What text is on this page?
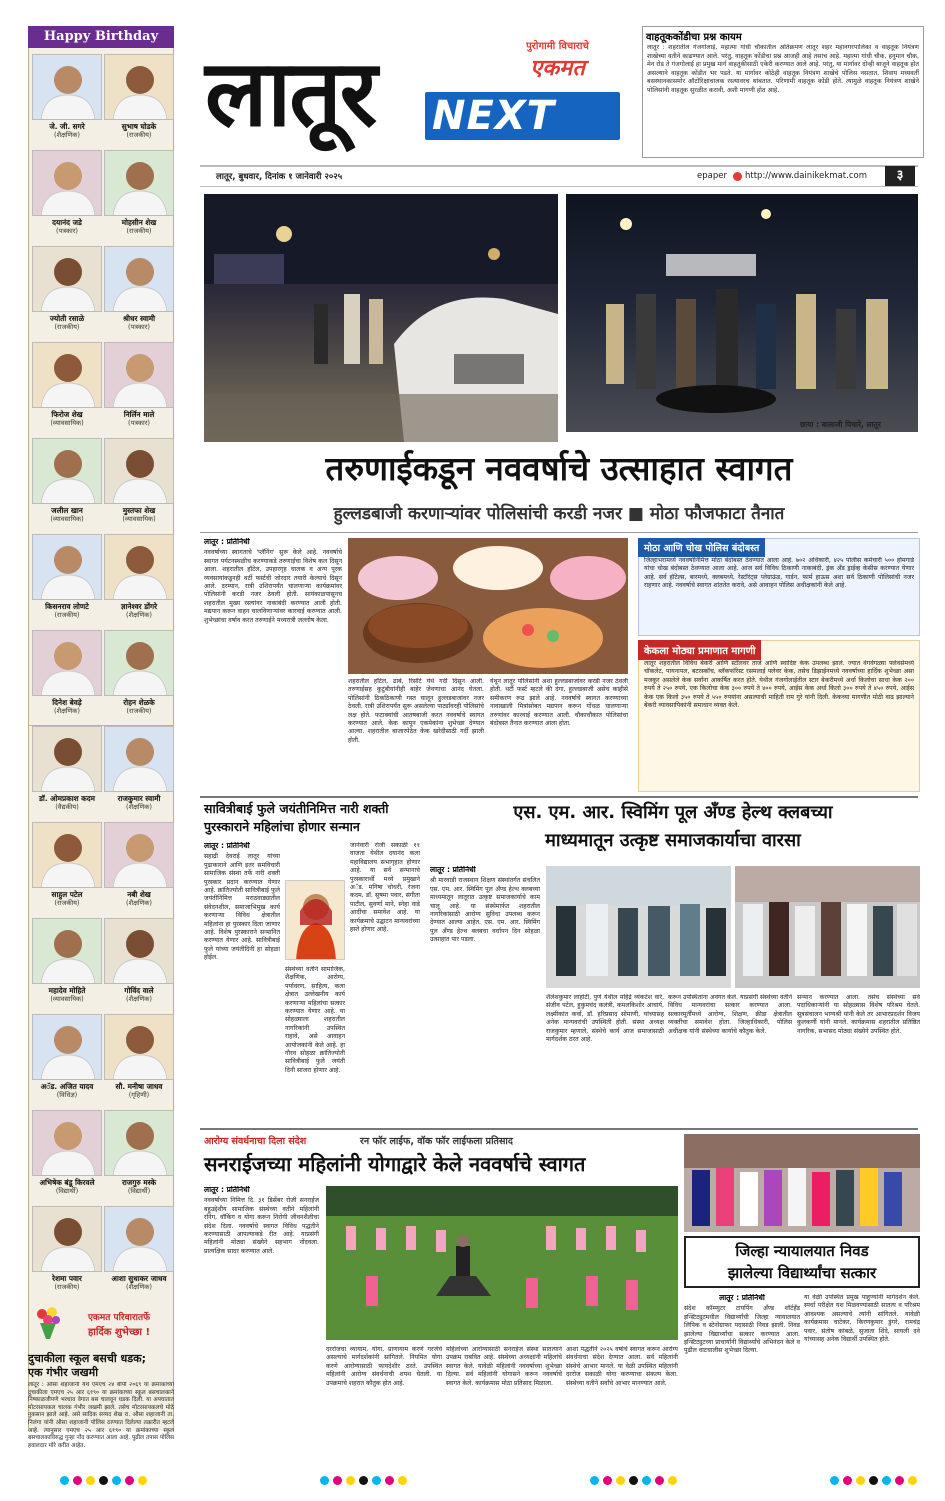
Happy Birthday
जे. जी. सगरे
(शैक्षणिक)
सुभाष घोडके
(राजकीय)
दयानंद जडे
(पत्रकार)
मोहसीन शेख
(राजकीय)
ज्योती रसाळे
(राजकीय)
श्रीधर स्वामी
(पत्रकार)
फिरोज शेख
(व्यावसायिक)
निर्लिन माले
(पत्रकार)
जलील खान
(व्यावसायिक)
मुस्तफा शेख
(व्यावसायिक)
किसनराव लोणटे
(राजकीय)
ज्ञानेश्वर डोंगरे
(शैक्षणिक)
दिनेश बेवड़े
(शैक्षणिक)
रोहन शेळके
(राजकीय)
डॉ. ओमप्रकाश कदम
(वैद्यकीय)
राजकुमार स्वामी
(शैक्षणिक)
साहुल पटेल
(राजकीय)
नबी शेख
(शैक्षणिक)
महादेव मोहिते
(व्यावसायिक)
गोविंद वाले
(शैक्षणिक)
अॅड. अजित यादव
(विधिज्ञ)
सौ. मनीषा जाधव
(गृहिणी)
अभिषेक बंडू किरवले
(विद्यार्थी)
राजगुरु मस्के
(विद्यार्थी)
रेशमा पवार
(राजकीय)
आशा सुधाकर जाधव
(शैक्षणिक)
एकमत परिवारातर्फे
हार्दिक शुभेच्छा !
दुचाकीला स्कूल बसची धडक;
एक गंभीर जखमी
लातूर : औसा शहाजानी येथे एमएच २४ बीपी २०६९ या क्रमांकाच्या दुचाकीला एमएच २५ आर ६१९० या क्रमांकाच्या स्कूल बसचालकाने निष्काळजीपणे भरधाव वेगात बस चालवून धडक दिली. या अपघातात मोटरसायकल चालक गंभीर जखमी झाले. तसेच मोटरसायकलचे मोठे नुकसान झाले आहे. असे सादिक सय्यद शेख रा. औसा शहाजानी ता. निलंगा यांनी औसा शहाजानी पोलिस ठाण्यात दिलेल्या तक्रारीत म्हटले आहे. त्यानुसार एमएच २५ आर ६१९० या क्रमांकाच्या स्कूल बसचालकाविरुद्ध गुन्हा नोंद करण्यात आला आहे. पुढील तपास पोलिस हवालदार मोरे करीत आहेत.
लातूर	पुरोगामी विचाराचे
एकमत
NEXT
लातूर, बुधवार, दिनांक १ जानेवारी २०२५	epaper http://www.dainikekmat.com	३
वाहतूककोंडीचा प्रश्न कायम
लातूर : शहरातील गंजगोलाई, महात्मा गांधी चौकातील अतिक्रमण लातूर शहर महानगरपालिका व वाहतूक नियंत्रण शाखेच्या वतीने काढण्यात आले. परंतु, वाहतूक कोंडीचा प्रश्न आजही आहे तसाच आहे. महात्मा गांधी चौक, हनुमान चौक, मेन रोड ते गंजगोलाई हा प्रमुख मार्ग वाहतुकीसाठी एकेरी करण्यात आले आहे. परंतु, या मार्गावर दोन्ही बाजूने वाहतूक होत असल्याने वाहतूक कोंडीत भर पडते. या मार्गावर कोठेही वाहतूक नियंत्रण शाखेचे पोलिस नसतात. शिवाय मध्यवर्ती बसस्थानकासमोर ऑटोरिक्षाचालक रस्त्यावरच थांबतात. परिणामी वाहतूक कोंडी होते. त्यामुळे वाहतूक नियंत्रण शाखेने पोलिसांनी वाहतूक सुरळीत करावी, अशी मागणी होत आहे.
छाया : बालाजी पिचारे, लातूर
तरुणाईकडून नववर्षाचे उत्साहात स्वागत
हुल्लडबाजी करणाऱ्यांवर पोलिसांची करडी नजर ■ मोठा फौजफाटा तैनात
लातूर : प्रतिनिधी
नववर्षाच्या स्वागताचे 'प्लॅनिंग' सुरू केले आहे. नववर्षाचे स्वागत पर्यटनस्थळीच करण्याकडे तरुणाईचा विशेष कल दिसून आला. शहरातील हॉटेल, उपहारगृह चालक व अन्य पूरक व्यवसायांकडूनही थर्टी फर्स्टची जोरदार तयारी केल्याचे दिसून आले. दरम्यान, रात्री उशिरापर्यंत चालणाऱ्या कार्यक्रमांवर पोलिसांनी करडी नजर ठेवली होती. सायंकाळपासूनच शहरातील मुख्य रस्त्यांवर नाकाबंदी करण्यात आली होती. मद्यपान करून वाहन चालविणाऱ्यांवर कारवाई करण्यात आली. शुभेच्छांचा वर्षाव करत तरुणाईने मध्यरात्री जल्लोष केला.
शहरातील हॉटेल, ढाबे, रिसॉर्ट येथे गर्दी दिसून आली. तरुणाईसह कुटुंबीयांनीही बाहेर जेवणाचा आनंद घेतला. पोलिसांनी ठिकठिकाणी गस्त घालून हुल्लडबाजांवर नजर ठेवली. रात्री उशिरापर्यंत सुरू असलेल्या पार्ट्यांवरही पोलिसांचे लक्ष होते. फटाक्यांची आतषबाजी करत नववर्षाचे स्वागत करण्यात आले. केक कापून एकमेकांना शुभेच्छा देण्यात आल्या. शहरातील बाजारपेठेत केक खरेदीसाठी गर्दी झाली होती.
येथून लातूर पोलिसांनी अशा हुल्लडबाजांवर करडी नजर ठेवली होती. थर्टी फर्स्ट म्हटले की दंगा, हुल्लडबाजी असेच काहीसे समीकरण रूढ झाले आहे. नववर्षाचे स्वागत करण्याच्या नावाखाली मित्रांसोबत मद्यपान करून गोंधळ घालणाऱ्या तरुणांवर कारवाई करण्यात आली. चौकाचौकात पोलिसांचा बंदोबस्त तैनात करण्यात आला होता.
मोठा आणि चोख पोलिस बंदोबस्त
जिल्हाभरामध्ये नववर्षानिमित्त मोठा बंदोबस्त ठेवण्यात आला आहे. ७०२ अधिकारी, ४२५ पोलीस कर्मचारी ५०० होमगार्ड यांचा चोख बंदोबस्त ठेवण्यात आला आहे. आज सर्व विविध ठिकाणी नाकाबंदी, ड्रंक अँड ड्राईव्ह केसीस करण्यात येणार आहे. सर्व हॉटेल्स, बारमध्ये, क्लबमध्ये, रेस्टॉरंट्स प्लेग्राऊंड, गार्डन, फार्म हाऊस अशा सर्व ठिकाणी पोलिसांची नजर राहणार आहे. नववर्षाचे स्वागत शांततेत करावे, असे आवाहन पोलिस अधीक्षकांनी केले आहे.
केकला मोठ्या प्रमाणात मागणी
लातूर शहरातील विविध बेकरी आणि स्टॉलवर ताजे आणि स्वादिष्ट केक उपलब्ध झाले. ज्यात वेगवेगळ्या फ्लेवर्समध्ये चॉकलेट, पायनापल, बटरस्कॉच, ब्लॅकफॉरेस्ट रसमलाई फ्लेवर केक, तसेच डिझाईनमध्ये नववर्षाच्या हार्दिक शुभेच्छा असा मजकूर असलेले केक सर्वांना आकर्षित करत होते. येथील गंजगोलाईतील स्टार बेकरीमध्ये अर्धा किलोचा साधा केक २०० रुपये ते २५० रुपये, एक किलोचा केक ३०० रुपये ते ४०० रुपये, आईस केक अर्धा किलो ३०० रुपये ते ४५० रुपये, आईस केक एक किलो ३५० रुपये ते ५५० रुपयांना असल्याची माहिती राम गुरे यांनी दिली. केकच्या मागणीत मोठी वाढ झाल्याने बेकरी व्यावसायिकांनी समाधान व्यक्त केले.
सावित्रीबाई फुले जयंतीनिमित्त नारी शक्ती
पुरस्काराने महिलांचा होणार सन्मान
लातूर : प्रतिनिधी
सहाद्री देवराई लातूर यांच्या पुढाकाराने आणि इतर समविचारी सामाजिक संस्था तर्फे नारी शक्ती पुरस्कार प्रदान करण्यात येणार आहे. क्रांतिज्योती सावित्रीबाई फुले जयंतीनिमित्त मराठवाड्यातील संवेदनशील, समाजाभिमुख कार्य करणाऱ्या विविध क्षेत्रातील महिलांना हा पुरस्कार दिला जाणार आहे. विशेष पुरस्काराने सन्मानित करण्यात येणार आहे. सावित्रीबाई फुले यांच्या जयंतीदिनी हा सोहळा होईल.
जानेवारी रोजी सकाळी ११ वाजता येथील दयानंद कला महाविद्यालय सभागृहात होणार आहे. या सर्व सन्मानाचे पुरस्कारार्थी मध्ये प्रमुखाने अॅड. मनिषा चोधरी, रंजना कदम, डॉ. सुषमा पवार, संगीता पाटील, सुवर्णा माने, स्नेहा वाडे आदींचा समावेश आहे. या कार्यक्रमाचे उद्घाटन मान्यवरांच्या हस्ते होणार आहे.
संस्थेच्या वतीने सामाजिक, शैक्षणिक, आरोग्य, पर्यावरण, साहित्य, कला क्षेत्रात उल्लेखनीय कार्य करणाऱ्या महिलांचा सत्कार करण्यात येणार आहे. या सोहळ्याला शहरातील नागरिकांनी उपस्थित राहावे, असे आवाहन आयोजकांनी केले आहे. हा गौरव सोहळा क्रांतिज्योती सावित्रीबाई फुले जयंती दिनी साजरा होणार आहे.
एस. एम. आर. स्विमिंग पूल अँण्ड हेल्थ क्लबच्या
माध्यमातून उत्कृष्ट समाजकार्याचा वारसा
लातूर : प्रतिनिधी
श्री मारवाडी राजस्थान शिक्षण संस्थांतर्गत संचलित एस. एम. आर. स्विमिंग पूल अँण्ड हेल्थ क्लबच्या माध्यमातून लातूरात उत्कृष्ट समाजकार्याचे काम चालू आहे. या संस्थेमार्फत शहरातील नागरिकांसाठी आरोग्य सुविधा उपलब्ध करून देण्यात आल्या आहेत. एस. एम. आर. स्विमिंग पूल अँण्ड हेल्थ क्लबचा वर्धापन दिन सोहळा उत्साहात पार पडला.
शैलेशकुमार लाहोटी, पुणे येथील महिंद्रे व्यंकटेश वारे, संजीव पटेल, हुकुमचंद कलंत्री, कमलकिशोर आचार्य, लक्ष्मीकांत कर्वा, डॉ. हरिप्रसाद सोमाणी, यांच्यासह अनेक मान्यवरांची उपस्थिती होती. संस्था अध्यक्ष राजकुमार म्हणाले, संस्थेचे कार्य आज समाजासाठी मार्गदर्शक ठरत आहे.
करून उपस्थितांना अवगत केले. याप्रसंगी संस्थेच्या वतीने विविध मान्यवरांचा सत्कार करण्यात आला. सत्कारमूर्तींमध्ये आरोग्य, शिक्षण, क्रीडा क्षेत्रातील व्यक्तींचा समावेश होता. जिल्हाधिकारी, पोलिस अधीक्षक यांनी संस्थेच्या कार्याचे कौतुक केले.
सन्मान करण्यात आला. तसेच संस्थेच्या सर्व पदाधिकाऱ्यांनी या सोहळ्यास विशेष परिश्रम घेतले. सूत्रसंचालन भाग्यश्री यांनी केले तर आभारप्रदर्शन विजय कुलकर्णी यांनी मानले. कार्यक्रमास शहरातील प्रतिष्ठित नागरिक, सभासद मोठ्या संख्येने उपस्थित होते.
आरोग्य संवर्धनाचा दिला संदेश	रन फॉर लाईफ, वॉक फॉर लाईफला प्रतिसाद
सनराईजच्या महिलांनी योगाद्वारे केले नववर्षाचे स्वागत
लातूर : प्रतिनिधी
नववर्षाच्या निमित्त दि. ३१ डिसेंबर रोजी सनराईज बहुउद्देशीय सामाजिक संस्थेच्या वतीने महिलांनी रनिंग, वॉकिंग व योगा करून निरोगी जीवनशैलीचा संदेश दिला. नववर्षाचे स्वागत विविध पद्धतीने करण्यासाठी आपल्याकडे रीत आहे. याप्रसंगी महिलांनी मोठ्या संख्येने सहभाग नोंदवला. प्रात्यक्षिक सादर करण्यात आले.
दररोजचा व्यायाम, योगा, प्राणायाम करणे गरजेचे असल्याचे मार्गदर्शकांनी सांगितले. नियमित योगा करणे आरोग्यासाठी फायदेशीर ठरते. उपस्थित महिलांनी आरोग्य संवर्धनाची शपथ घेतली. या उपक्रमाचे शहरात कौतुक होत आहे.
महिलांच्या आरोग्यासाठी सनराईज संस्था सातत्याने उपक्रम राबवित आहे. संस्थेच्या अध्यक्षांनी महिलांचे स्वागत केले. यावेळी महिलांनी नववर्षाच्या शुभेच्छा दिल्या. सर्व महिलांनी योगासने करून नववर्षाचे स्वागत केले. कार्यक्रमास मोठा प्रतिसाद मिळाला.
आशा पद्धतीने २०२५ वर्षाचे स्वागत करून आरोग्य संवर्धनाचा संदेश देण्यात आला. सर्व महिलांनी संस्थेचे आभार मानले. या वेळी उपस्थित महिलांनी दररोज सकाळी योगा करण्याचा संकल्प केला. संस्थेच्या वतीने सर्वांचे आभार मानण्यात आले.
जिल्हा न्यायालयात निवड
झालेल्या विद्यार्थ्यांचा सत्कार
लातूर : प्रतिनिधी
संदेश कॉम्प्युटर टायपिंग अँण्ड शॉर्टहँड इन्स्टिट्युटमधील विद्यार्थ्यांची जिल्हा न्यायालयात लिपिक व स्टेनोग्राफर पदासाठी निवड झाली. निवड झालेल्या विद्यार्थ्यांचा सत्कार करण्यात आला. इन्स्टिट्युटच्या प्राचार्यांनी विद्यार्थ्यांचे अभिनंदन केले व पुढील वाटचालीस शुभेच्छा दिल्या.
या वेळी उपस्थित प्रमुख पाहुण्यांनी मार्गदर्शन केले. स्पर्धा परीक्षेत यश मिळवण्यासाठी सातत्य व परिश्रम आवश्यक असल्याचे त्यांनी सांगितले. यावेळी कार्यक्रमास चाटेकर, किरणकुमार डुंगरे, रामचंद्र पवार, संतोष कांबळे, सुजाता शिंदे, सायली दवे यांच्यासह अनेक विद्यार्थी उपस्थित होते.
